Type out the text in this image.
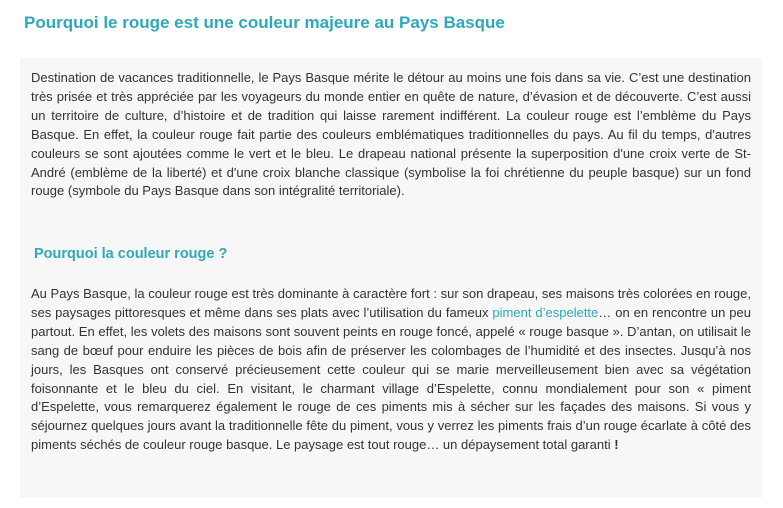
Pourquoi le rouge est une couleur majeure au Pays Basque

Destination de vacances traditionnelle, le Pays Basque mérite le détour au moins une fois dans sa vie. C’est une destination très prisée et très appréciée par les voyageurs du monde entier en quête de nature, d’évasion et de découverte. C’est aussi un territoire de culture, d’histoire et de tradition qui laisse rarement indifférent. La couleur rouge est l’emblème du Pays Basque. En effet, la couleur rouge fait partie des couleurs emblématiques traditionnelles du pays. Au fil du temps, d'autres couleurs se sont ajoutées comme le vert et le bleu. Le drapeau national présente la superposition d'une croix verte de St-André (emblème de la liberté) et d'une croix blanche classique (symbolise la foi chrétienne du peuple basque) sur un fond rouge (symbole du Pays Basque dans son intégralité territoriale).

Pourquoi la couleur rouge ?

Au Pays Basque, la couleur rouge est très dominante à caractère fort : sur son drapeau, ses maisons très colorées en rouge, ses paysages pittoresques et même dans ses plats avec l’utilisation du fameux piment d’espelette… on en rencontre un peu partout. En effet, les volets des maisons sont souvent peints en rouge foncé, appelé « rouge basque ». D’antan, on utilisait le sang de bœuf pour enduire les pièces de bois afin de préserver les colombages de l’humidité et des insectes. Jusqu’à nos jours, les Basques ont conservé précieusement cette couleur qui se marie merveilleusement bien avec sa végétation foisonnante et le bleu du ciel. En visitant, le charmant village d’Espelette, connu mondialement pour son « piment d’Espelette, vous remarquerez également le rouge de ces piments mis à sécher sur les façades des maisons. Si vous y séjournez quelques jours avant la traditionnelle fête du piment, vous y verrez les piments frais d’un rouge écarlate à côté des piments séchés de couleur rouge basque. Le paysage est tout rouge… un dépaysement total garanti !
